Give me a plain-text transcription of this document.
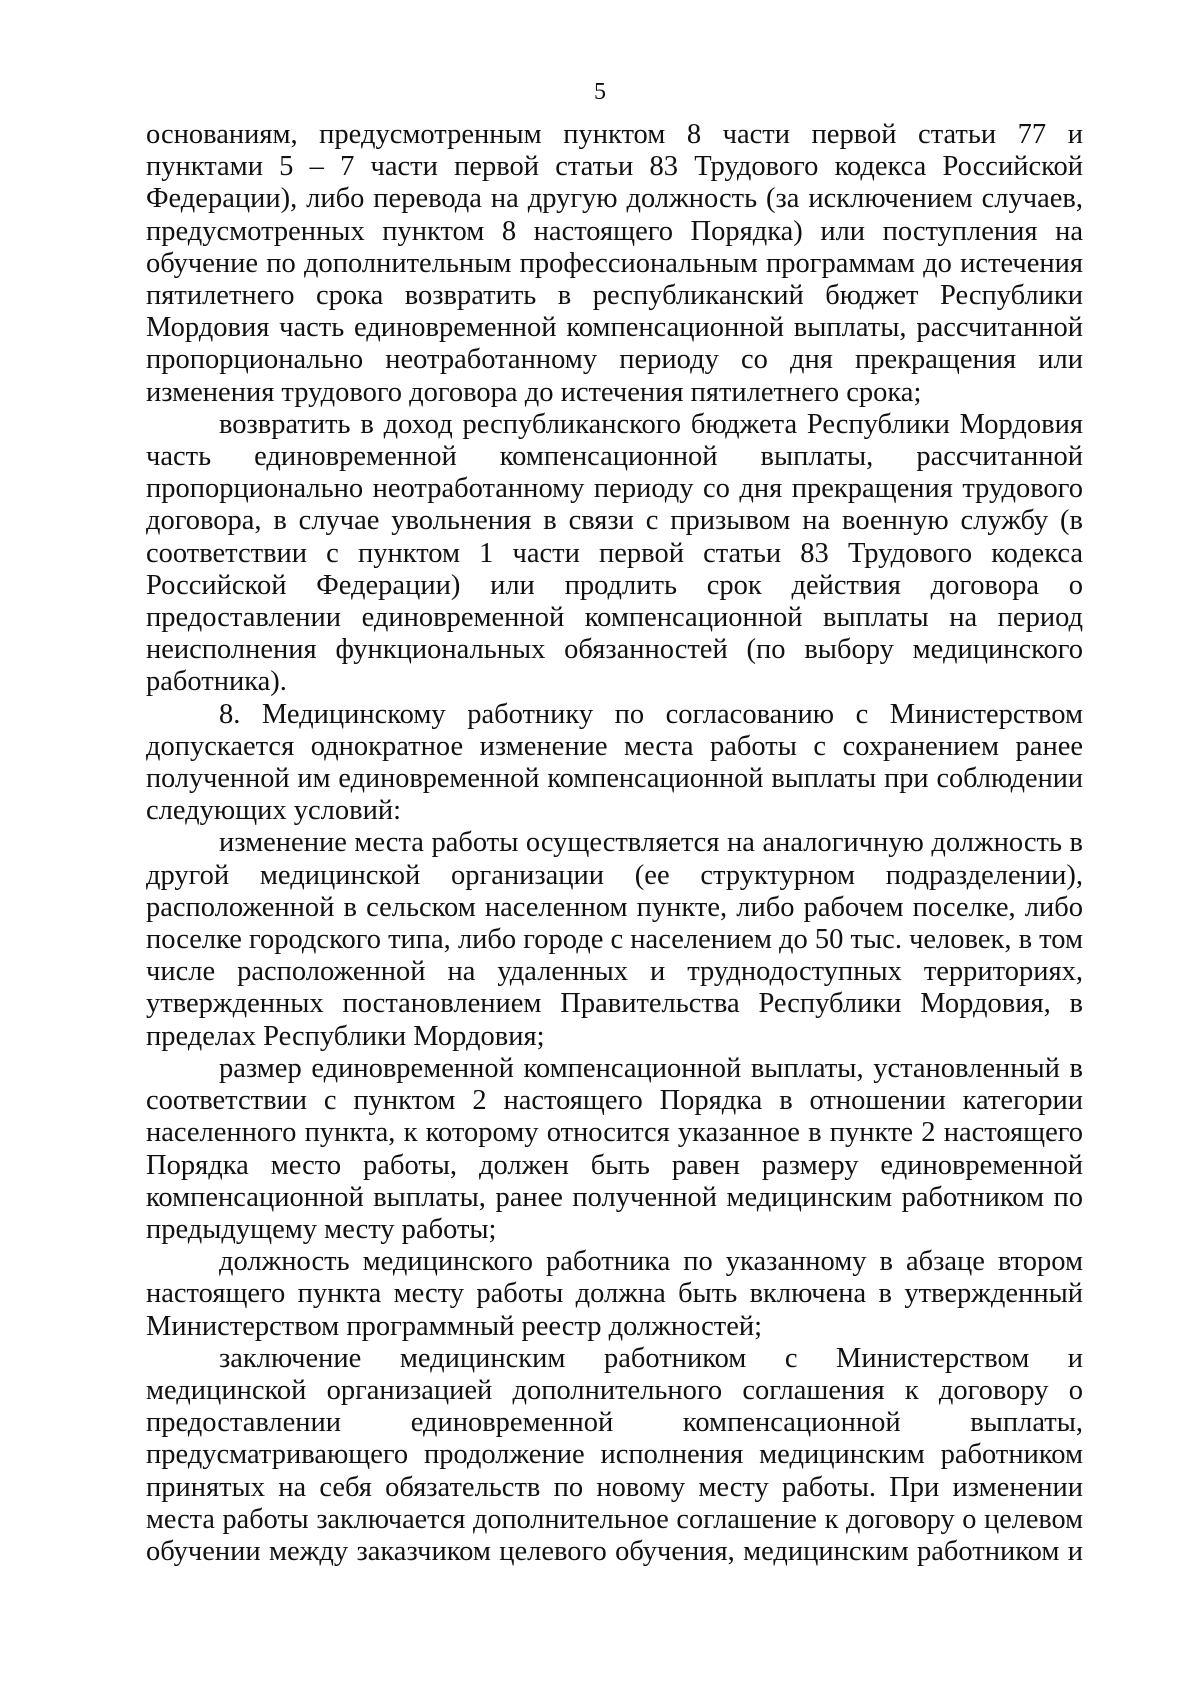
5

основаниям, предусмотренным пунктом 8 части первой статьи 77 и

пунктами 5 – 7 части первой статьи 83 Трудового кодекса Российской

Федерации), либо перевода на другую должность (за исключением случаев,

предусмотренных пунктом 8 настоящего Порядка) или поступления на

обучение по дополнительным профессиональным программам до истечения

пятилетнего срока возвратить в республиканский бюджет Республики

Мордовия часть единовременной компенсационной выплаты, рассчитанной

пропорционально неотработанному периоду со дня прекращения или

изменения трудового договора до истечения пятилетнего срока;

возвратить в доход республиканского бюджета Республики Мордовия

часть единовременной компенсационной выплаты, рассчитанной

пропорционально неотработанному периоду со дня прекращения трудового

договора, в случае увольнения в связи с призывом на военную службу (в

соответствии с пунктом 1 части первой статьи 83 Трудового кодекса

Российской Федерации) или продлить срок действия договора о

предоставлении единовременной компенсационной выплаты на период

неисполнения функциональных обязанностей (по выбору медицинского

работника).

8. Медицинскому работнику по согласованию с Министерством

допускается однократное изменение места работы с сохранением ранее

полученной им единовременной компенсационной выплаты при соблюдении

следующих условий:

изменение места работы осуществляется на аналогичную должность в

другой медицинской организации (ее структурном подразделении),

расположенной в сельском населенном пункте, либо рабочем поселке, либо

поселке городского типа, либо городе с населением до 50 тыс. человек, в том

числе расположенной на удаленных и труднодоступных территориях,

утвержденных постановлением Правительства Республики Мордовия, в

пределах Республики Мордовия;

размер единовременной компенсационной выплаты, установленный в

соответствии с пунктом 2 настоящего Порядка в отношении категории

населенного пункта, к которому относится указанное в пункте 2 настоящего

Порядка место работы, должен быть равен размеру единовременной

компенсационной выплаты, ранее полученной медицинским работником по

предыдущему месту работы;

должность медицинского работника по указанному в абзаце втором

настоящего пункта месту работы должна быть включена в утвержденный

Министерством программный реестр должностей;

заключение медицинским работником с Министерством и

медицинской организацией дополнительного соглашения к договору о

предоставлении единовременной компенсационной выплаты,

предусматривающего продолжение исполнения медицинским работником

принятых на себя обязательств по новому месту работы. При изменении

места работы заключается дополнительное соглашение к договору о целевом

обучении между заказчиком целевого обучения, медицинским работником и
